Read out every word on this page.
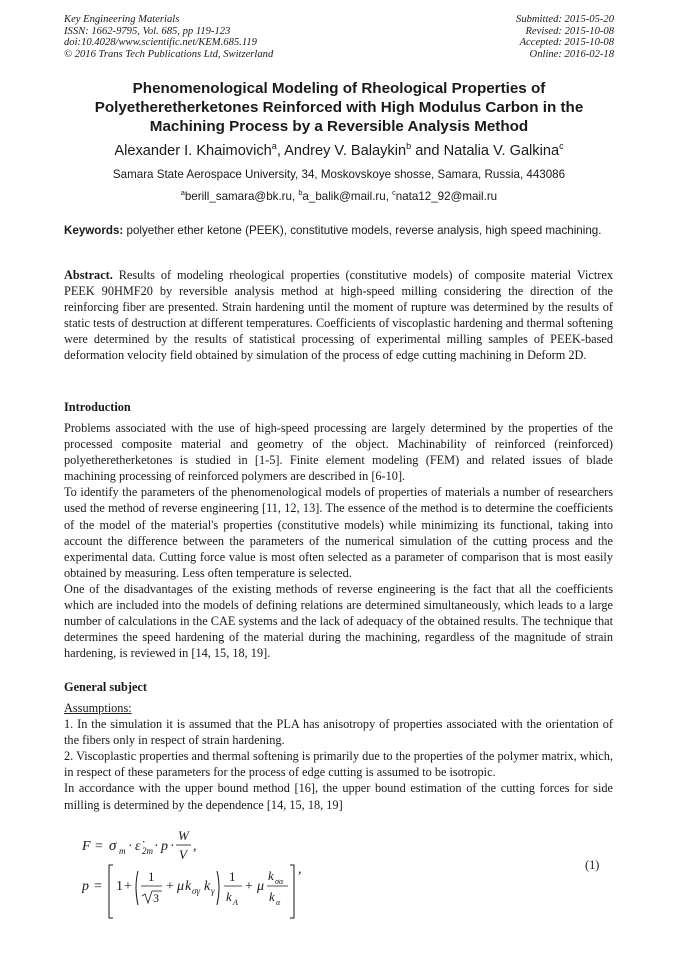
Key Engineering Materials
ISSN: 1662-9795, Vol. 685, pp 119-123
doi:10.4028/www.scientific.net/KEM.685.119
© 2016 Trans Tech Publications Ltd, Switzerland
Submitted: 2015-05-20
Revised: 2015-10-08
Accepted: 2015-10-08
Online: 2016-02-18
Phenomenological Modeling of Rheological Properties of
Polyetheretherketones Reinforced with High Modulus Carbon in the
Machining Process by a Reversible Analysis Method
Alexander I. Khaimovich$^a$, Andrey V. Balaykin$^b$ and Natalia V. Galkina$^c$
Samara State Aerospace University, 34, Moskovskoye shosse, Samara, Russia, 443086
$^a$berill_samara@bk.ru, $^b$a_balik@mail.ru, $^c$nata12_92@mail.ru
Keywords: polyether ether ketone (PEEK), constitutive models, reverse analysis, high speed machining.

Abstract. Results of modeling rheological properties (constitutive models) of composite material Victrex PEEK 90HMF20 by reversible analysis method at high-speed milling considering the direction of the reinforcing fiber are presented. Strain hardening until the moment of rupture was determined by the results of static tests of destruction at different temperatures. Coefficients of viscoplastic hardening and thermal softening were determined by the results of statistical processing of experimental milling samples of PEEK-based deformation velocity field obtained by simulation of the process of edge cutting machining in Deform 2D.

Introduction

Problems associated with the use of high-speed processing are largely determined by the properties of the processed composite material and geometry of the object. Machinability of reinforced (reinforced) polyetheretherketones is studied in [1-5]. Finite element modeling (FEM) and related issues of blade machining processing of reinforced polymers are described in [6-10].

To identify the parameters of the phenomenological models of properties of materials a number of researchers used the method of reverse engineering [11, 12, 13]. The essence of the method is to determine the coefficients of the model of the material's properties (constitutive models) while minimizing its functional, taking into account the difference between the parameters of the numerical simulation of the cutting process and the experimental data. Cutting force value is most often selected as a parameter of comparison that is most easily obtained by measuring. Less often temperature is selected.

One of the disadvantages of the existing methods of reverse engineering is the fact that all the coefficients which are included into the models of defining relations are determined simultaneously, which leads to a large number of calculations in the CAE systems and the lack of adequacy of the obtained results. The technique that determines the speed hardening of the material during the machining, regardless of the magnitude of strain hardening, is reviewed in [14, 15, 18, 19].

General subject

Assumptions:

1. In the simulation it is assumed that the PLA has anisotropy of properties associated with the orientation of the fibers only in respect of strain hardening.

2. Viscoplastic properties and thermal softening is primarily due to the properties of the polymer matrix, which, in respect of these parameters for the process of edge cutting is assumed to be isotropic.

In accordance with the upper bound method [16], the upper bound estimation of the cutting forces for side milling is determined by the dependence [14, 15, 18, 19]

F = σ m · ε̇ 2m · p ·
W
V
,
p = 1 +
1
3
+ μ k σγ k γ
1
k A
+ μ
k σα
k α
,	(1)
